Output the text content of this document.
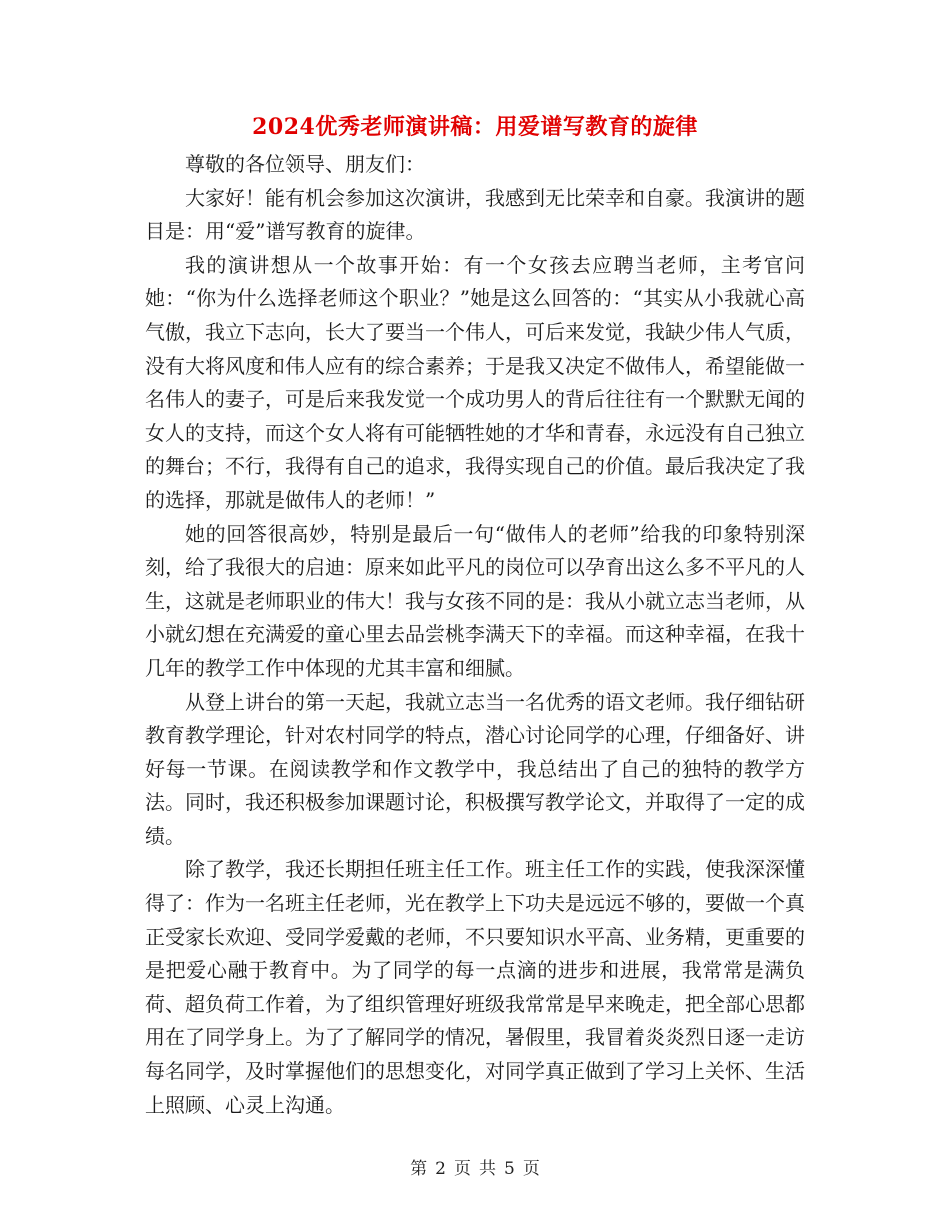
2024优秀老师演讲稿：用爱谱写教育的旋律

尊敬的各位领导、朋友们：

大家好！能有机会参加这次演讲，我感到无比荣幸和自豪。我演讲的题目是：用“爱”谱写教育的旋律。

我的演讲想从一个故事开始：有一个女孩去应聘当老师，主考官问她：“你为什么选择老师这个职业？”她是这么回答的：“其实从小我就心高气傲，我立下志向，长大了要当一个伟人，可后来发觉，我缺少伟人气质，没有大将风度和伟人应有的综合素养；于是我又决定不做伟人，希望能做一名伟人的妻子，可是后来我发觉一个成功男人的背后往往有一个默默无闻的女人的支持，而这个女人将有可能牺牲她的才华和青春，永远没有自己独立的舞台；不行，我得有自己的追求，我得实现自己的价值。最后我决定了我的选择，那就是做伟人的老师！”

她的回答很高妙，特别是最后一句“做伟人的老师”给我的印象特别深刻，给了我很大的启迪：原来如此平凡的岗位可以孕育出这么多不平凡的人生，这就是老师职业的伟大！我与女孩不同的是：我从小就立志当老师，从小就幻想在充满爱的童心里去品尝桃李满天下的幸福。而这种幸福，在我十几年的教学工作中体现的尤其丰富和细腻。

从登上讲台的第一天起，我就立志当一名优秀的语文老师。我仔细钻研教育教学理论，针对农村同学的特点，潜心讨论同学的心理，仔细备好、讲好每一节课。在阅读教学和作文教学中，我总结出了自己的独特的教学方法。同时，我还积极参加课题讨论，积极撰写教学论文，并取得了一定的成绩。

除了教学，我还长期担任班主任工作。班主任工作的实践，使我深深懂得了：作为一名班主任老师，光在教学上下功夫是远远不够的，要做一个真正受家长欢迎、受同学爱戴的老师，不只要知识水平高、业务精，更重要的是把爱心融于教育中。为了同学的每一点滴的进步和进展，我常常是满负荷、超负荷工作着，为了组织管理好班级我常常是早来晚走，把全部心思都用在了同学身上。为了了解同学的情况，暑假里，我冒着炎炎烈日逐一走访每名同学，及时掌握他们的思想变化，对同学真正做到了学习上关怀、生活上照顾、心灵上沟通。

第 2 页 共 5 页
